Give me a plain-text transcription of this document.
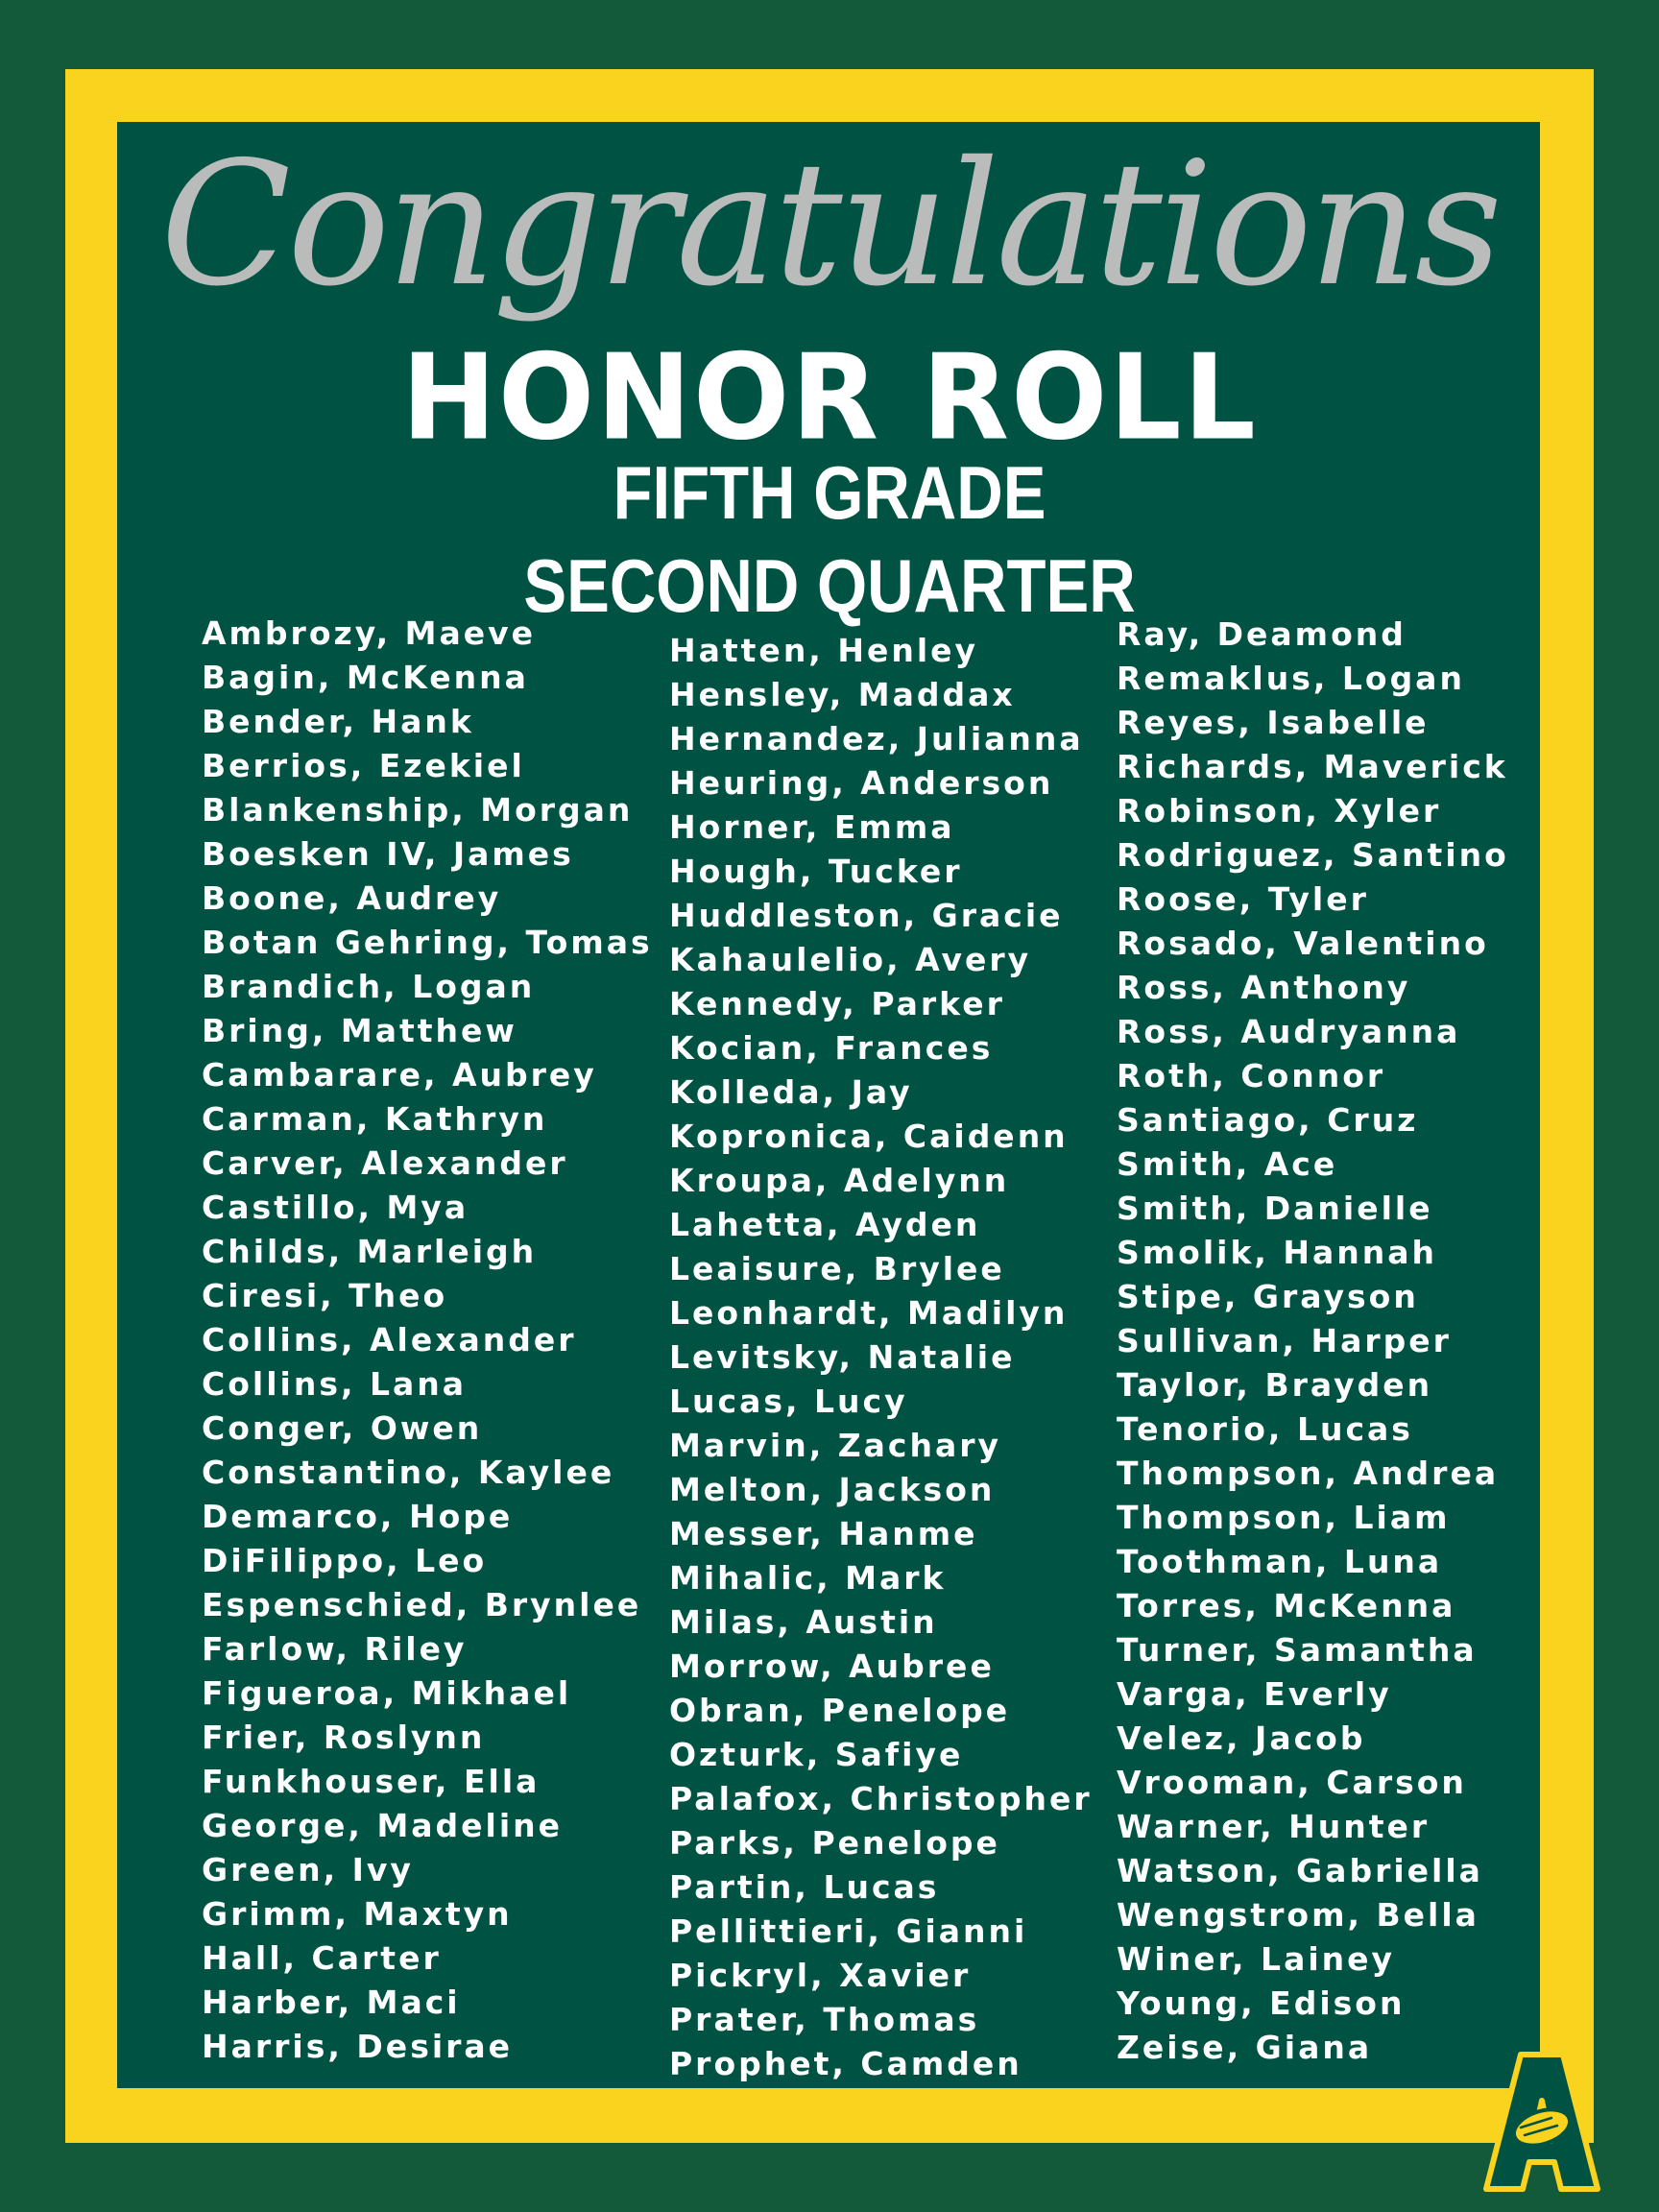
Congratulations
HONOR ROLL
FIFTH GRADE
SECOND QUARTER
Ambrozy, Maeve
Bagin, McKenna
Bender, Hank
Berrios, Ezekiel
Blankenship, Morgan
Boesken IV, James
Boone, Audrey
Botan Gehring, Tomas
Brandich, Logan
Bring, Matthew
Cambarare, Aubrey
Carman, Kathryn
Carver, Alexander
Castillo, Mya
Childs, Marleigh
Ciresi, Theo
Collins, Alexander
Collins, Lana
Conger, Owen
Constantino, Kaylee
Demarco, Hope
DiFilippo, Leo
Espenschied, Brynlee
Farlow, Riley
Figueroa, Mikhael
Frier, Roslynn
Funkhouser, Ella
George, Madeline
Green, Ivy
Grimm, Maxtyn
Hall, Carter
Harber, Maci
Harris, Desirae
Hatten, Henley
Hensley, Maddax
Hernandez, Julianna
Heuring, Anderson
Horner, Emma
Hough, Tucker
Huddleston, Gracie
Kahaulelio, Avery
Kennedy, Parker
Kocian, Frances
Kolleda, Jay
Kopronica, Caidenn
Kroupa, Adelynn
Lahetta, Ayden
Leaisure, Brylee
Leonhardt, Madilyn
Levitsky, Natalie
Lucas, Lucy
Marvin, Zachary
Melton, Jackson
Messer, Hanme
Mihalic, Mark
Milas, Austin
Morrow, Aubree
Obran, Penelope
Ozturk, Safiye
Palafox, Christopher
Parks, Penelope
Partin, Lucas
Pellittieri, Gianni
Pickryl, Xavier
Prater, Thomas
Prophet, Camden
Ray, Deamond
Remaklus, Logan
Reyes, Isabelle
Richards, Maverick
Robinson, Xyler
Rodriguez, Santino
Roose, Tyler
Rosado, Valentino
Ross, Anthony
Ross, Audryanna
Roth, Connor
Santiago, Cruz
Smith, Ace
Smith, Danielle
Smolik, Hannah
Stipe, Grayson
Sullivan, Harper
Taylor, Brayden
Tenorio, Lucas
Thompson, Andrea
Thompson, Liam
Toothman, Luna
Torres, McKenna
Turner, Samantha
Varga, Everly
Velez, Jacob
Vrooman, Carson
Warner, Hunter
Watson, Gabriella
Wengstrom, Bella
Winer, Lainey
Young, Edison
Zeise, Giana
